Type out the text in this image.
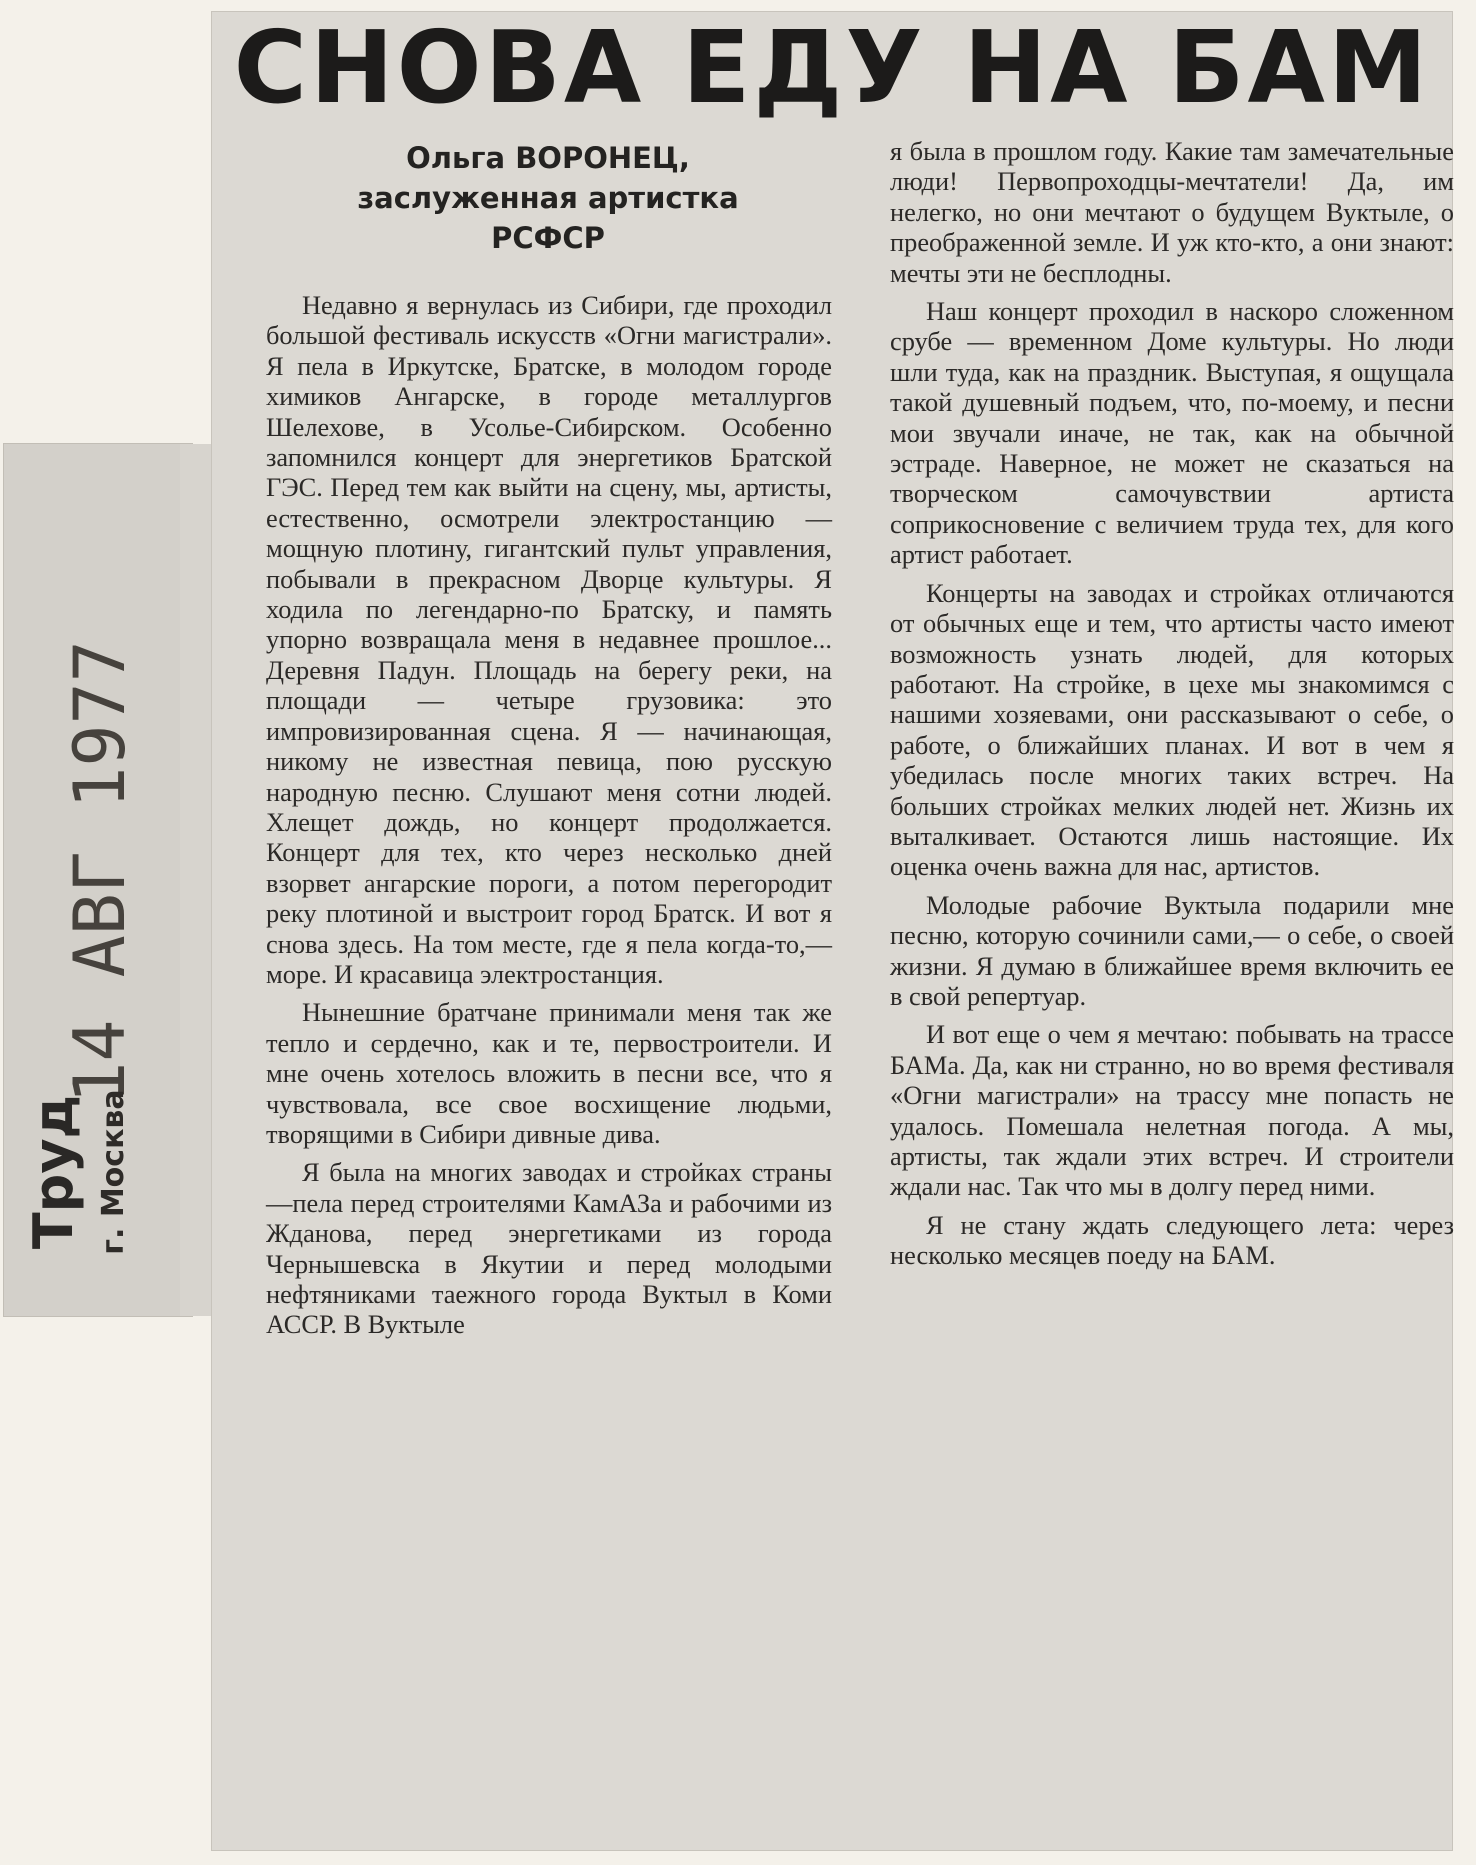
СНОВА ЕДУ НА БАМ
Ольга ВОРОНЕЦ,
заслуженная артистка
РСФСР

Недавно я вернулась из Сибири, где проходил большой фестиваль искусств «Огни магистрали». Я пела в Иркутске, Братске, в молодом городе химиков Ангарске, в городе металлургов Шелехове, в Усолье-Сибирском. Особенно запомнился концерт для энергетиков Братской ГЭС. Перед тем как выйти на сцену, мы, артисты, естественно, осмотрели электростанцию — мощную плотину, гигантский пульт управления, побывали в прекрасном Дворце культуры. Я ходила по легендарно-по Братску, и память упорно возвращала меня в недавнее прошлое... Деревня Падун. Площадь на берегу реки, на площади — четыре грузовика: это импровизированная сцена. Я — начинающая, никому не известная певица, пою русскую народную песню. Слушают меня сотни людей. Хлещет дождь, но концерт продолжается. Концерт для тех, кто через несколько дней взорвет ангарские пороги, а потом перегородит реку плотиной и выстроит город Братск. И вот я снова здесь. На том месте, где я пела когда-то,— море. И красавица электростанция.

Нынешние братчане принимали меня так же тепло и сердечно, как и те, первостроители. И мне очень хотелось вложить в песни все, что я чувствовала, все свое восхищение людьми, творящими в Сибири дивные дива.

Я была на многих заводах и стройках страны—пела перед строителями КамАЗа и рабочими из Жданова, перед энергетиками из города Чернышевска в Якутии и перед молодыми нефтяниками таежного города Вуктыл в Коми АССР. В Вуктыле

я была в прошлом году. Какие там замечательные люди! Первопроходцы-мечтатели! Да, им нелегко, но они мечтают о будущем Вуктыле, о преображенной земле. И уж кто-кто, а они знают: мечты эти не бесплодны.

Наш концерт проходил в наскоро сложенном срубе — временном Доме культуры. Но люди шли туда, как на праздник. Выступая, я ощущала такой душевный подъем, что, по-моему, и песни мои звучали иначе, не так, как на обычной эстраде. Наверное, не может не сказаться на творческом самочувствии артиста соприкосновение с величием труда тех, для кого артист работает.

Концерты на заводах и стройках отличаются от обычных еще и тем, что артисты часто имеют возможность узнать людей, для которых работают. На стройке, в цехе мы знакомимся с нашими хозяевами, они рассказывают о себе, о работе, о ближайших планах. И вот в чем я убедилась после многих таких встреч. На больших стройках мелких людей нет. Жизнь их выталкивает. Остаются лишь настоящие. Их оценка очень важна для нас, артистов.

Молодые рабочие Вуктыла подарили мне песню, которую сочинили сами,— о себе, о своей жизни. Я думаю в ближайшее время включить ее в свой репертуар.

И вот еще о чем я мечтаю: побывать на трассе БАМа. Да, как ни странно, но во время фестиваля «Огни магистрали» на трассу мне попасть не удалось. Помешала нелетная погода. А мы, артисты, так ждали этих встреч. И строители ждали нас. Так что мы в долгу перед ними.

Я не стану ждать следующего лета: через несколько месяцев поеду на БАМ.

14 АВГ 1977
Труд г. Москва
